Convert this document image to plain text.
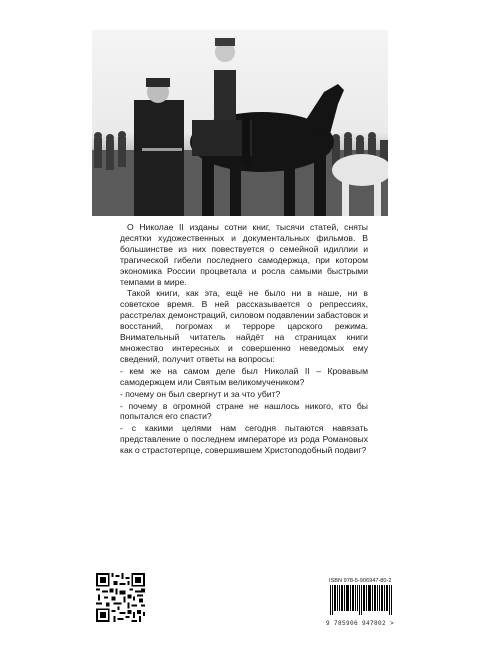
О Николае II изданы сотни книг, тысячи статей, сняты десятки художественных и документальных фильмов. В большинстве из них повествуется о семейной идиллии и трагической гибели последнего самодержца, при котором экономика России процветала и росла самыми быстрыми темпами в мире.

Такой книги, как эта, ещё не было ни в наше, ни в советское время. В ней рассказывается о репрессиях, расстрелах демонстраций, силовом подавлении забастовок и восстаний, погромах и терроре царского режима. Внимательный читатель найдёт на страницах книги множество интересных и совершенно неведомых ему сведений, получит ответы на вопросы:

- кем же на самом деле был Николай II – Кровавым самодержцем или Святым великомучеником?

- почему он был свергнут и за что убит?

- почему в огромной стране не нашлось никого, кто бы попытался его спасти?

- с какими целями нам сегодня пытаются навязать представление о последнем императоре из рода Романовых как о страстотерпце, совершившем Христоподобный подвиг?

ISBN 978-5-906947-80-2
9 785906 947802 >
